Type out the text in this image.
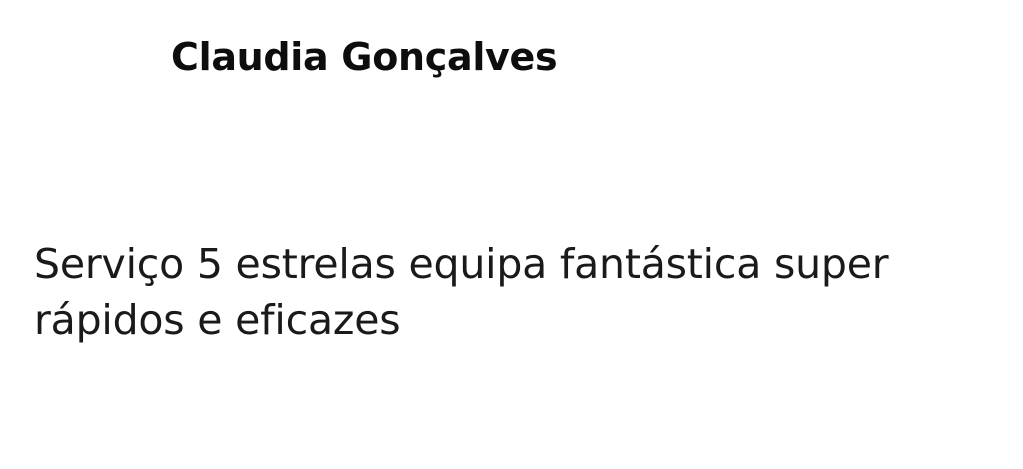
Claudia Gonçalves
Serviço 5 estrelas equipa fantástica super rápidos e eficazes
